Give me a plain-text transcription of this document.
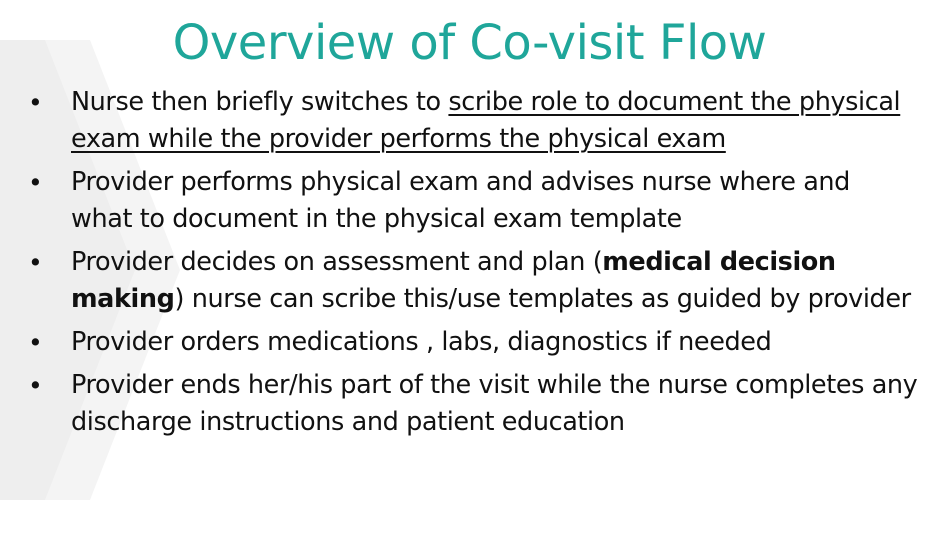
Overview of Co-visit Flow
•	Nurse then briefly switches to scribe role to document the physical exam while the provider performs the physical exam
•	Provider performs physical exam and advises nurse where and what to document in the physical exam template
•	Provider decides on assessment and plan (medical decision making) nurse can scribe this/use templates as guided by provider
•	Provider orders medications , labs, diagnostics if needed
•	Provider ends her/his part of the visit while the nurse completes any discharge instructions and patient education
